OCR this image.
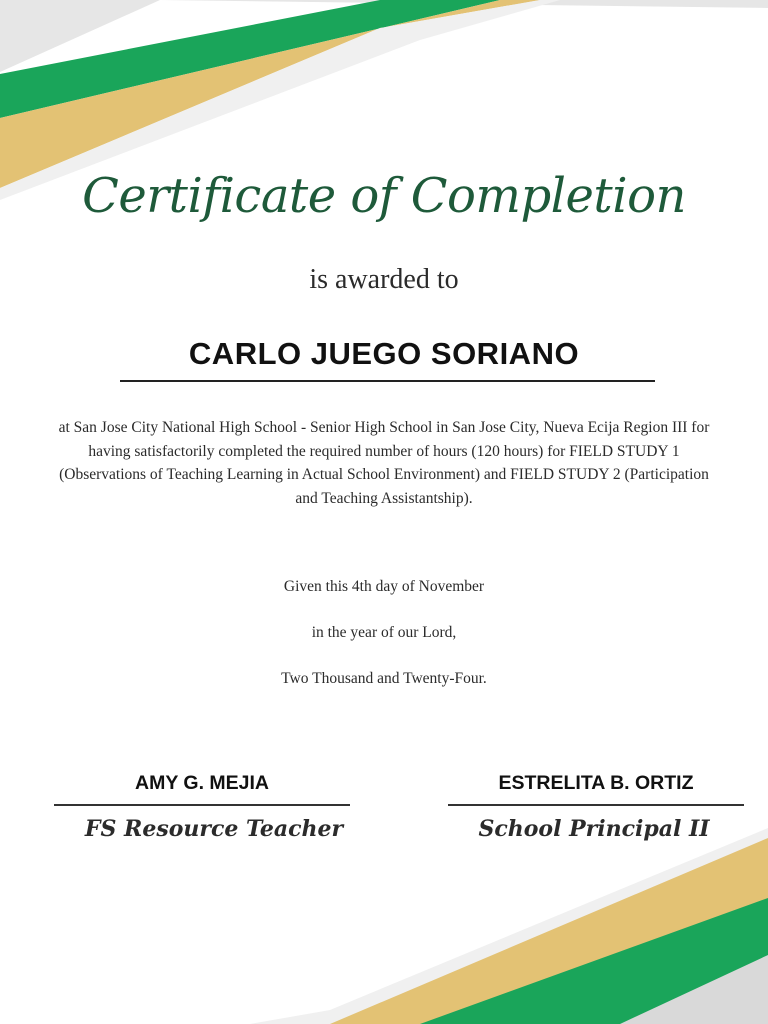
Certificate of Completion
is awarded to
CARLO JUEGO SORIANO
at San Jose City National High School - Senior High School in San Jose City, Nueva Ecija Region III for having satisfactorily completed the required number of hours (120 hours) for FIELD STUDY 1 (Observations of Teaching Learning in Actual School Environment) and FIELD STUDY 2 (Participation and Teaching Assistantship).
Given this 4th day of November
in the year of our Lord,
Two Thousand and Twenty-Four.
AMY G. MEJIA
FS Resource Teacher
ESTRELITA B. ORTIZ
School Principal II
